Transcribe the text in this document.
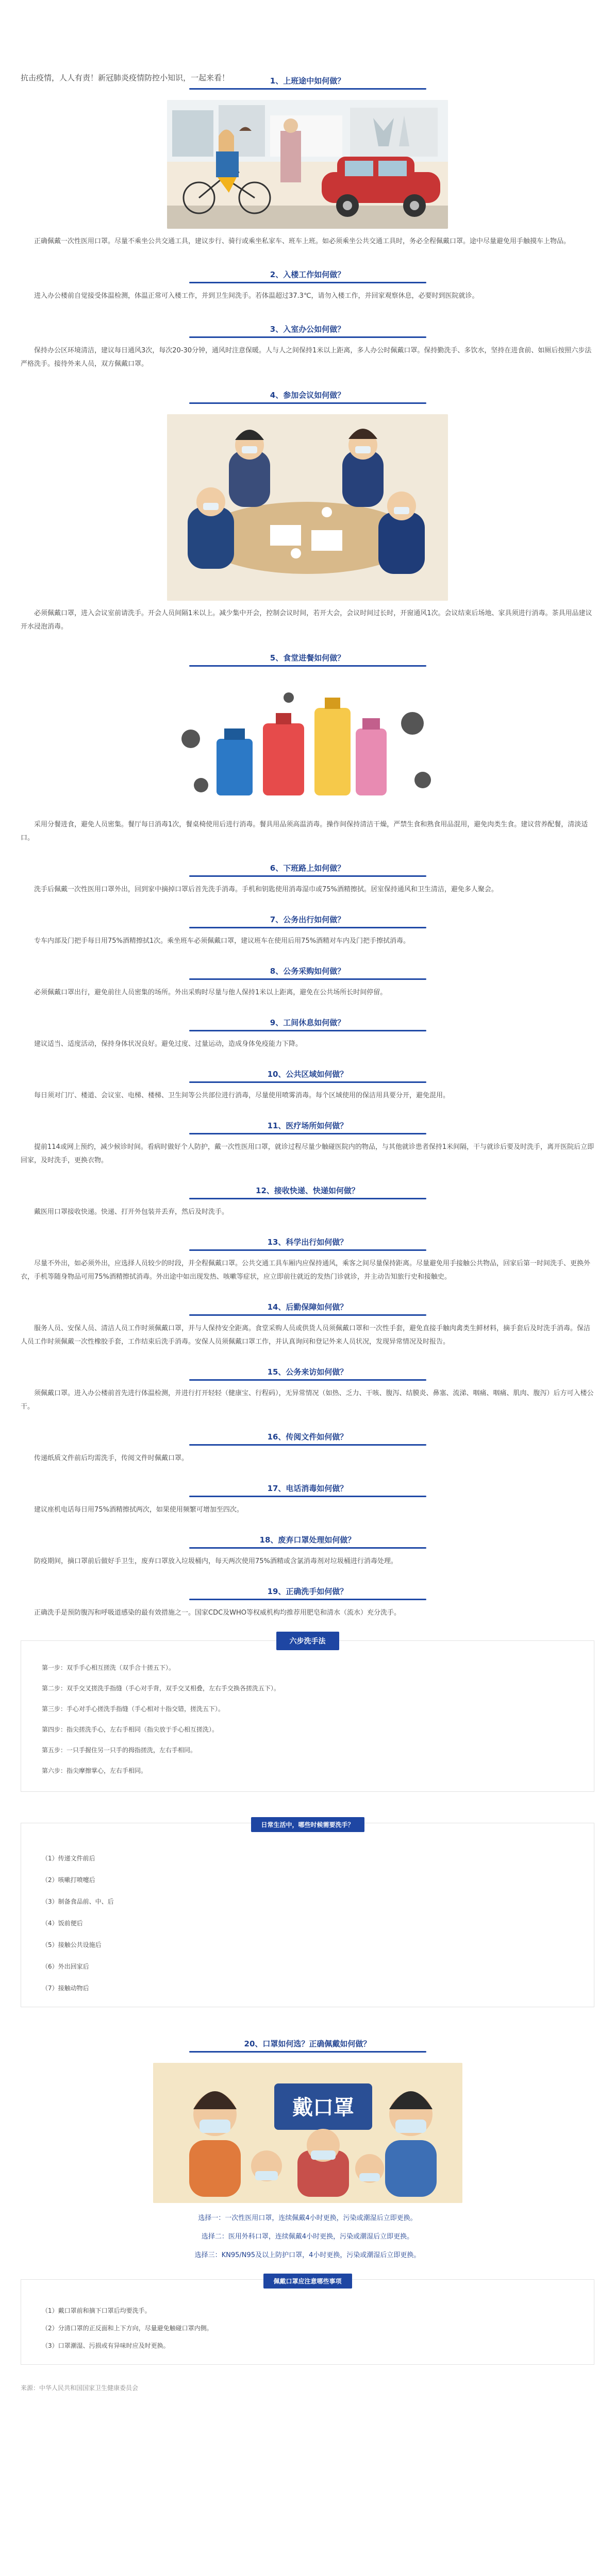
抗击疫情，人人有责！新冠肺炎疫情防控小知识，一起来看！	1、上班途中如何做？

正确佩戴一次性医用口罩。尽量不乘坐公共交通工具，建议步行、骑行或乘坐私家车、班车上班。如必须乘坐公共交通工具时，务必全程佩戴口罩。途中尽量避免用手触摸车上物品。

2、入楼工作如何做？

进入办公楼前自觉接受体温检测，体温正常可入楼工作，并到卫生间洗手。若体温超过37.3℃，请勿入楼工作，并回家观察休息，必要时到医院就诊。

3、入室办公如何做？

保持办公区环境清洁，建议每日通风3次，每次20-30分钟，通风时注意保暖。人与人之间保持1米以上距离，多人办公时佩戴口罩。保持勤洗手、多饮水，坚持在进食前、如厕后按照六步法严格洗手。接待外来人员，双方佩戴口罩。

4、参加会议如何做？

必须佩戴口罩，进入会议室前请洗手。开会人员间隔1米以上。减少集中开会，控制会议时间，若开大会，会议时间过长时，开窗通风1次。会议结束后场地、家具须进行消毒。茶具用品建议开水浸泡消毒。

5、食堂进餐如何做？

采用分餐进食，避免人员密集。餐厅每日消毒1次，餐桌椅使用后进行消毒。餐具用品须高温消毒。操作间保持清洁干燥，严禁生食和熟食用品混用，避免肉类生食。建议营养配餐，清淡适口。

6、下班路上如何做？

洗手后佩戴一次性医用口罩外出，回到家中摘掉口罩后首先洗手消毒。手机和钥匙使用消毒湿巾或75%酒精擦拭。居室保持通风和卫生清洁，避免多人聚会。

7、公务出行如何做？

专车内部及门把手每日用75%酒精擦拭1次。乘坐班车必须佩戴口罩，建议班车在使用后用75%酒精对车内及门把手擦拭消毒。

8、公务采购如何做？

必须佩戴口罩出行，避免前往人员密集的场所。外出采购时尽量与他人保持1米以上距离，避免在公共场所长时间停留。

9、工间休息如何做？

建议适当、适度活动，保持身体状况良好。避免过度、过量运动，造成身体免疫能力下降。

10、公共区域如何做？

每日须对门厅、楼道、会议室、电梯、楼梯、卫生间等公共部位进行消毒，尽量使用喷雾消毒。每个区域使用的保洁用具要分开，避免混用。

11、医疗场所如何做？

提前114或网上预约，减少候诊时间。看病时做好个人防护，戴一次性医用口罩，就诊过程尽量少触碰医院内的物品，与其他就诊患者保持1米间隔，干与就诊后要及时洗手，离开医院后立即回家，及时洗手，更换衣物。

12、接收快递、快递如何做？

戴医用口罩接收快递。快递、打开外包装并丢弃，然后及时洗手。

13、科学出行如何做？

尽量不外出，如必须外出，应选择人员较少的时段，并全程佩戴口罩。公共交通工具车厢内应保持通风，乘客之间尽量保持距离。尽量避免用手接触公共物品，回家后第一时间洗手、更换外衣，手机等随身物品可用75%酒精擦拭消毒。外出途中如出现发热、咳嗽等症状，应立即前往就近的发热门诊就诊，并主动告知旅行史和接触史。

14、后勤保障如何做？

服务人员、安保人员、清洁人员工作时须佩戴口罩，并与人保持安全距离。食堂采购人员或供货人员须佩戴口罩和一次性手套，避免直接手触肉禽类生鲜材料，摘手套后及时洗手消毒。保洁人员工作时须佩戴一次性橡胶手套，工作结束后洗手消毒。安保人员须佩戴口罩工作，并认真询问和登记外来人员状况，发现异常情况及时报告。

15、公务来访如何做？

须佩戴口罩。进入办公楼前首先进行体温检测，并进行打开轻轻（健康宝、行程码），无异常情况（如热、乏力、干咳、腹泻、结膜炎、鼻塞、流涕、咽痛、咽痛、肌肉、腹泻）后方可入楼公干。

16、传阅文件如何做？

传递纸质文件前后均需洗手，传阅文件时佩戴口罩。

17、电话消毒如何做？

建议座机电话每日用75%酒精擦拭两次，如果使用频繁可增加至四次。

18、废弃口罩处理如何做？

防疫期间，摘口罩前后做好手卫生，废弃口罩放入垃圾桶内，每天两次使用75%酒精或含氯消毒剂对垃圾桶进行消毒处理。

19、正确洗手如何做？

正确洗手是预防腹泻和呼吸道感染的最有效措施之一。国家CDC及WHO等权威机构均推荐用肥皂和清水（流水）充分洗手。

六步洗手法

第一步：双手手心相互搓洗（双手合十搓五下）。

第二步：双手交叉搓洗手指缝（手心对手背，双手交叉相叠，左右手交换各搓洗五下）。

第三步：手心对手心搓洗手指缝（手心相对十指交错，搓洗五下）。

第四步：指尖搓洗手心，左右手相同（指尖放于手心相互搓洗）。

第五步：一只手握住另一只手的拇指搓洗，左右手相同。

第六步：指尖摩擦掌心，左右手相同。

日常生活中，哪些时候需要洗手？

（1）传递文件前后

（2）咳嗽打喷嚏后

（3）制备食品前、中、后

（4）饭前便后

（5）接触公共设施后

（6）外出回家后

（7）接触动物后

20、口罩如何选？正确佩戴如何做？
戴口罩

选择一：一次性医用口罩，连续佩戴4小时更换，污染或潮湿后立即更换。

选择二：医用外科口罩，连续佩戴4小时更换，污染或潮湿后立即更换。

选择三：KN95/N95及以上防护口罩，4小时更换，污染或潮湿后立即更换。

佩戴口罩应注意哪些事项

（1）戴口罩前和摘下口罩后均要洗手。

（2）分清口罩的正反面和上下方向，尽量避免触碰口罩内侧。

（3）口罩潮湿、污损或有异味时应及时更换。

来源：中华人民共和国国家卫生健康委员会
